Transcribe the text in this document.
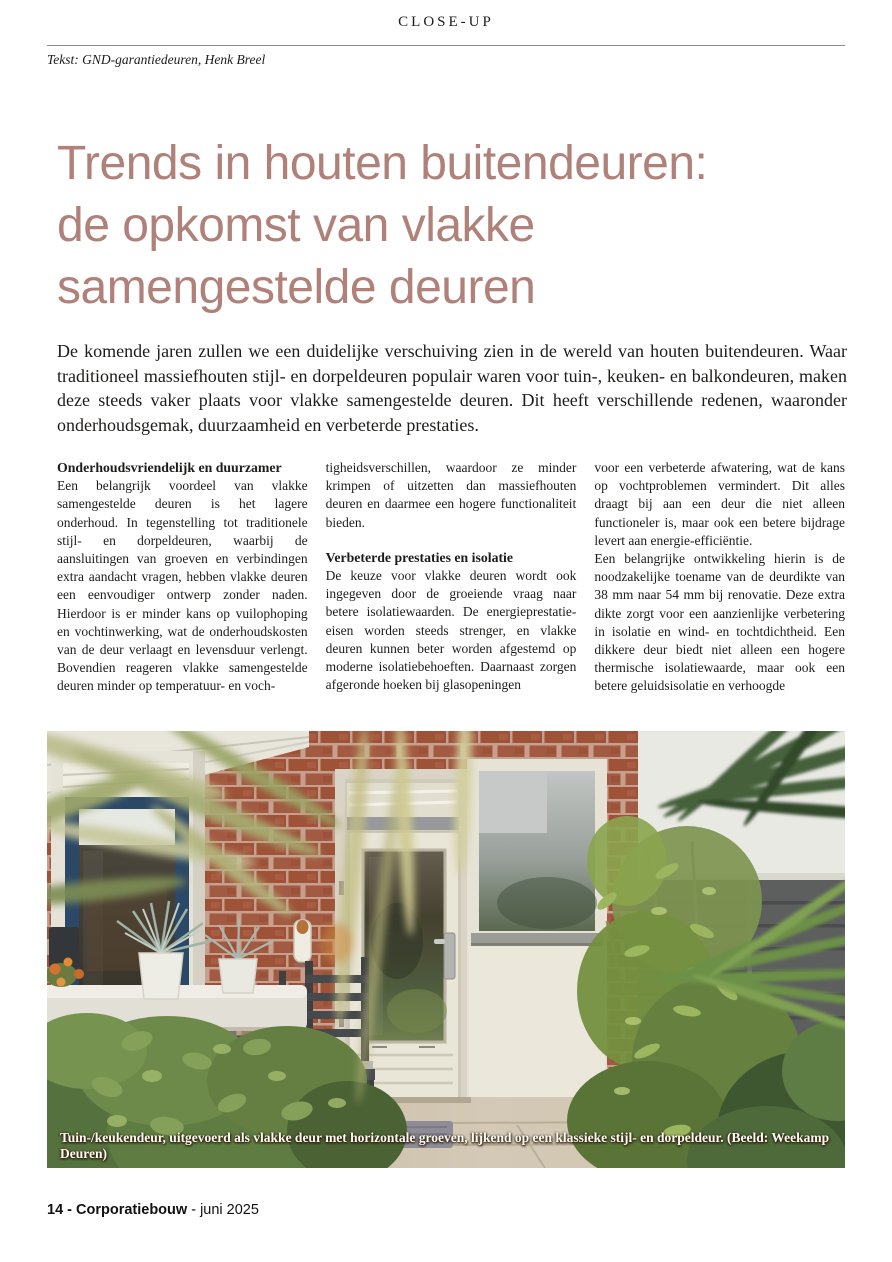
CLOSE-UP
Tekst: GND-garantiedeuren, Henk Breel
Trends in houten buitendeuren:
de opkomst van vlakke
samengestelde deuren

De komende jaren zullen we een duidelijke verschuiving zien in de wereld van houten buitendeuren. Waar traditioneel massiefhouten stijl- en dorpeldeuren populair waren voor tuin-, keuken- en balkondeuren, maken deze steeds vaker plaats voor vlakke samengestelde deuren. Dit heeft verschillende redenen, waaronder onderhoudsgemak, duurzaamheid en verbeterde prestaties.

Onderhoudsvriendelijk en duurzamer

Een belangrijk voordeel van vlakke samengestelde deuren is het lagere onderhoud. In tegenstelling tot traditionele stijl- en dorpeldeuren, waarbij de aansluitingen van groeven en verbindingen extra aandacht vragen, hebben vlakke deuren een eenvoudiger ontwerp zonder naden. Hierdoor is er minder kans op vuilophoping en vochtinwerking, wat de onderhoudskosten van de deur verlaagt en levensduur verlengt. Bovendien reageren vlakke samengestelde deuren minder op temperatuur- en voch-

tigheidsverschillen, waardoor ze minder krimpen of uitzetten dan massiefhouten deuren en daarmee een hogere functionaliteit bieden.

Verbeterde prestaties en isolatie

De keuze voor vlakke deuren wordt ook ingegeven door de groeiende vraag naar betere isolatiewaarden. De energieprestatie-eisen worden steeds strenger, en vlakke deuren kunnen beter worden afgestemd op moderne isolatiebehoeften. Daarnaast zorgen afgeronde hoeken bij glasopeningen

voor een verbeterde afwatering, wat de kans op vochtproblemen vermindert. Dit alles draagt bij aan een deur die niet alleen functioneler is, maar ook een betere bijdrage levert aan energie-efficiëntie.

Een belangrijke ontwikkeling hierin is de noodzakelijke toename van de deurdikte van 38 mm naar 54 mm bij renovatie. Deze extra dikte zorgt voor een aanzienlijke verbetering in isolatie en wind- en tochtdichtheid. Een dikkere deur biedt niet alleen een hogere thermische isolatiewaarde, maar ook een betere geluidsisolatie en verhoogde

Tuin-/keukendeur, uitgevoerd als vlakke deur met horizontale groeven, lijkend op een klassieke stijl- en dorpeldeur. (Beeld: Weekamp Deuren)
14 - Corporatiebouw - juni 2025
